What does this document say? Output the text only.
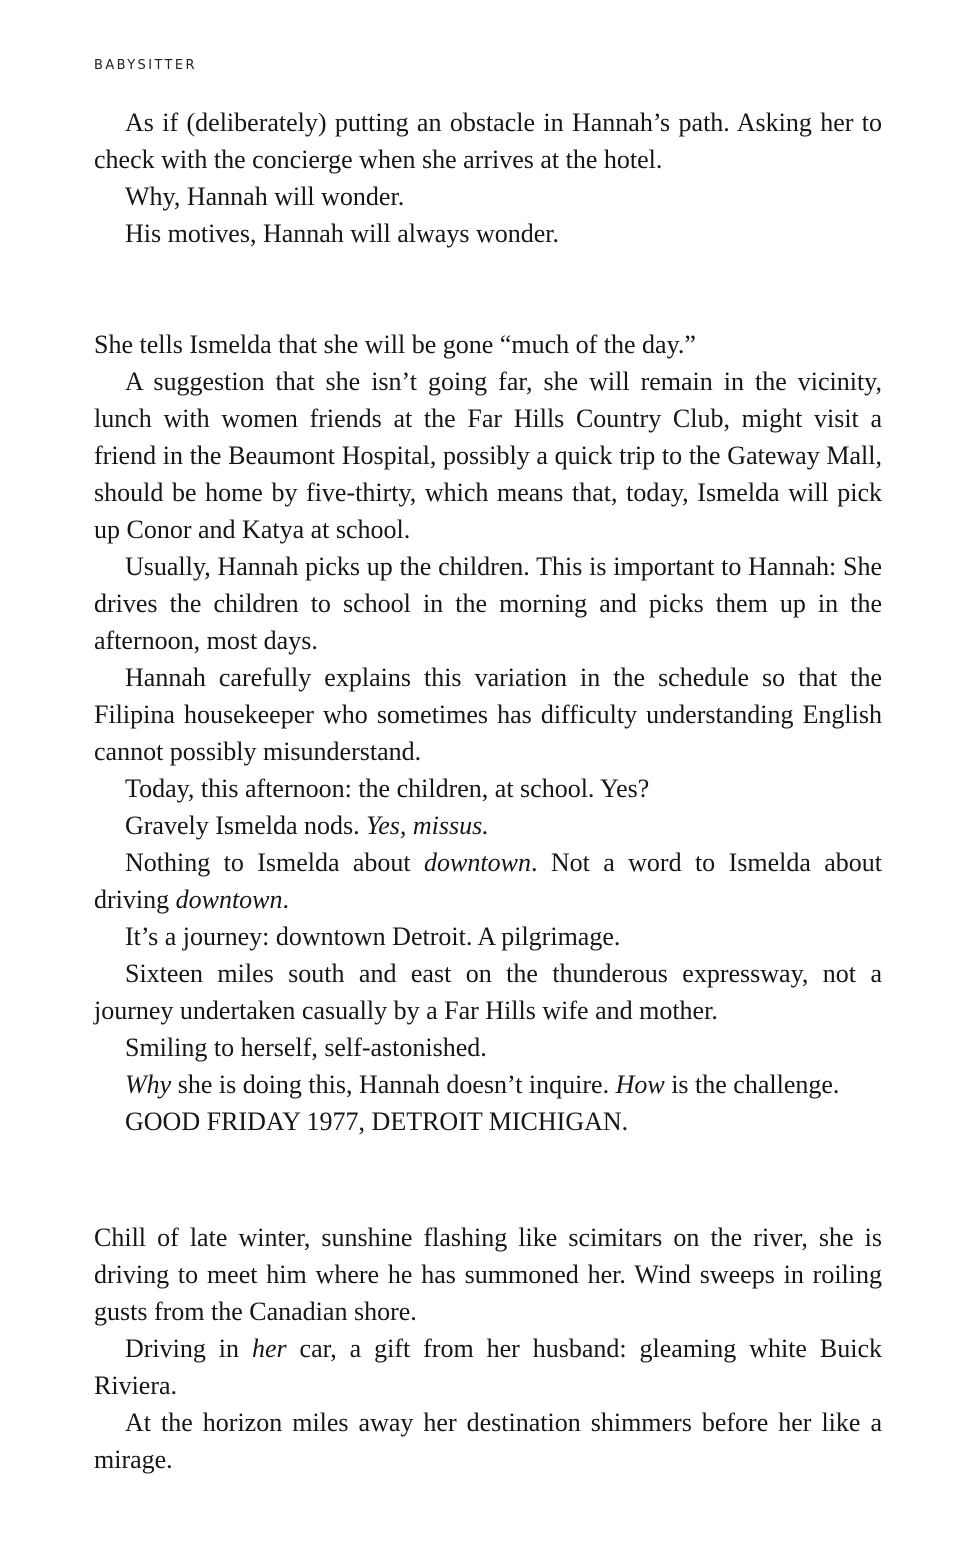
BABYSITTER

As if (deliberately) putting an obstacle in Hannah’s path. Asking her to check with the concierge when she arrives at the hotel.

Why, Hannah will wonder.

His motives, Hannah will always wonder.

She tells Ismelda that she will be gone “much of the day.”

A suggestion that she isn’t going far, she will remain in the vicinity, lunch with women friends at the Far Hills Country Club, might visit a friend in the Beaumont Hospital, possibly a quick trip to the Gateway Mall, should be home by five-thirty, which means that, today, Ismelda will pick up Conor and Katya at school.

Usually, Hannah picks up the children. This is important to Hannah: She drives the children to school in the morning and picks them up in the afternoon, most days.

Hannah carefully explains this variation in the schedule so that the Filipina housekeeper who sometimes has difficulty understanding English cannot possibly misunderstand.

Today, this afternoon: the children, at school. Yes?

Gravely Ismelda nods. Yes, missus.

Nothing to Ismelda about downtown. Not a word to Ismelda about driving downtown.

It’s a journey: downtown Detroit. A pilgrimage.

Sixteen miles south and east on the thunderous expressway, not a journey undertaken casually by a Far Hills wife and mother.

Smiling to herself, self-astonished.

Why she is doing this, Hannah doesn’t inquire. How is the challenge.

GOOD FRIDAY 1977, DETROIT MICHIGAN.

Chill of late winter, sunshine flashing like scimitars on the river, she is driving to meet him where he has summoned her. Wind sweeps in roiling gusts from the Canadian shore.

Driving in her car, a gift from her husband: gleaming white Buick Riviera.

At the horizon miles away her destination shimmers before her like a mirage.
